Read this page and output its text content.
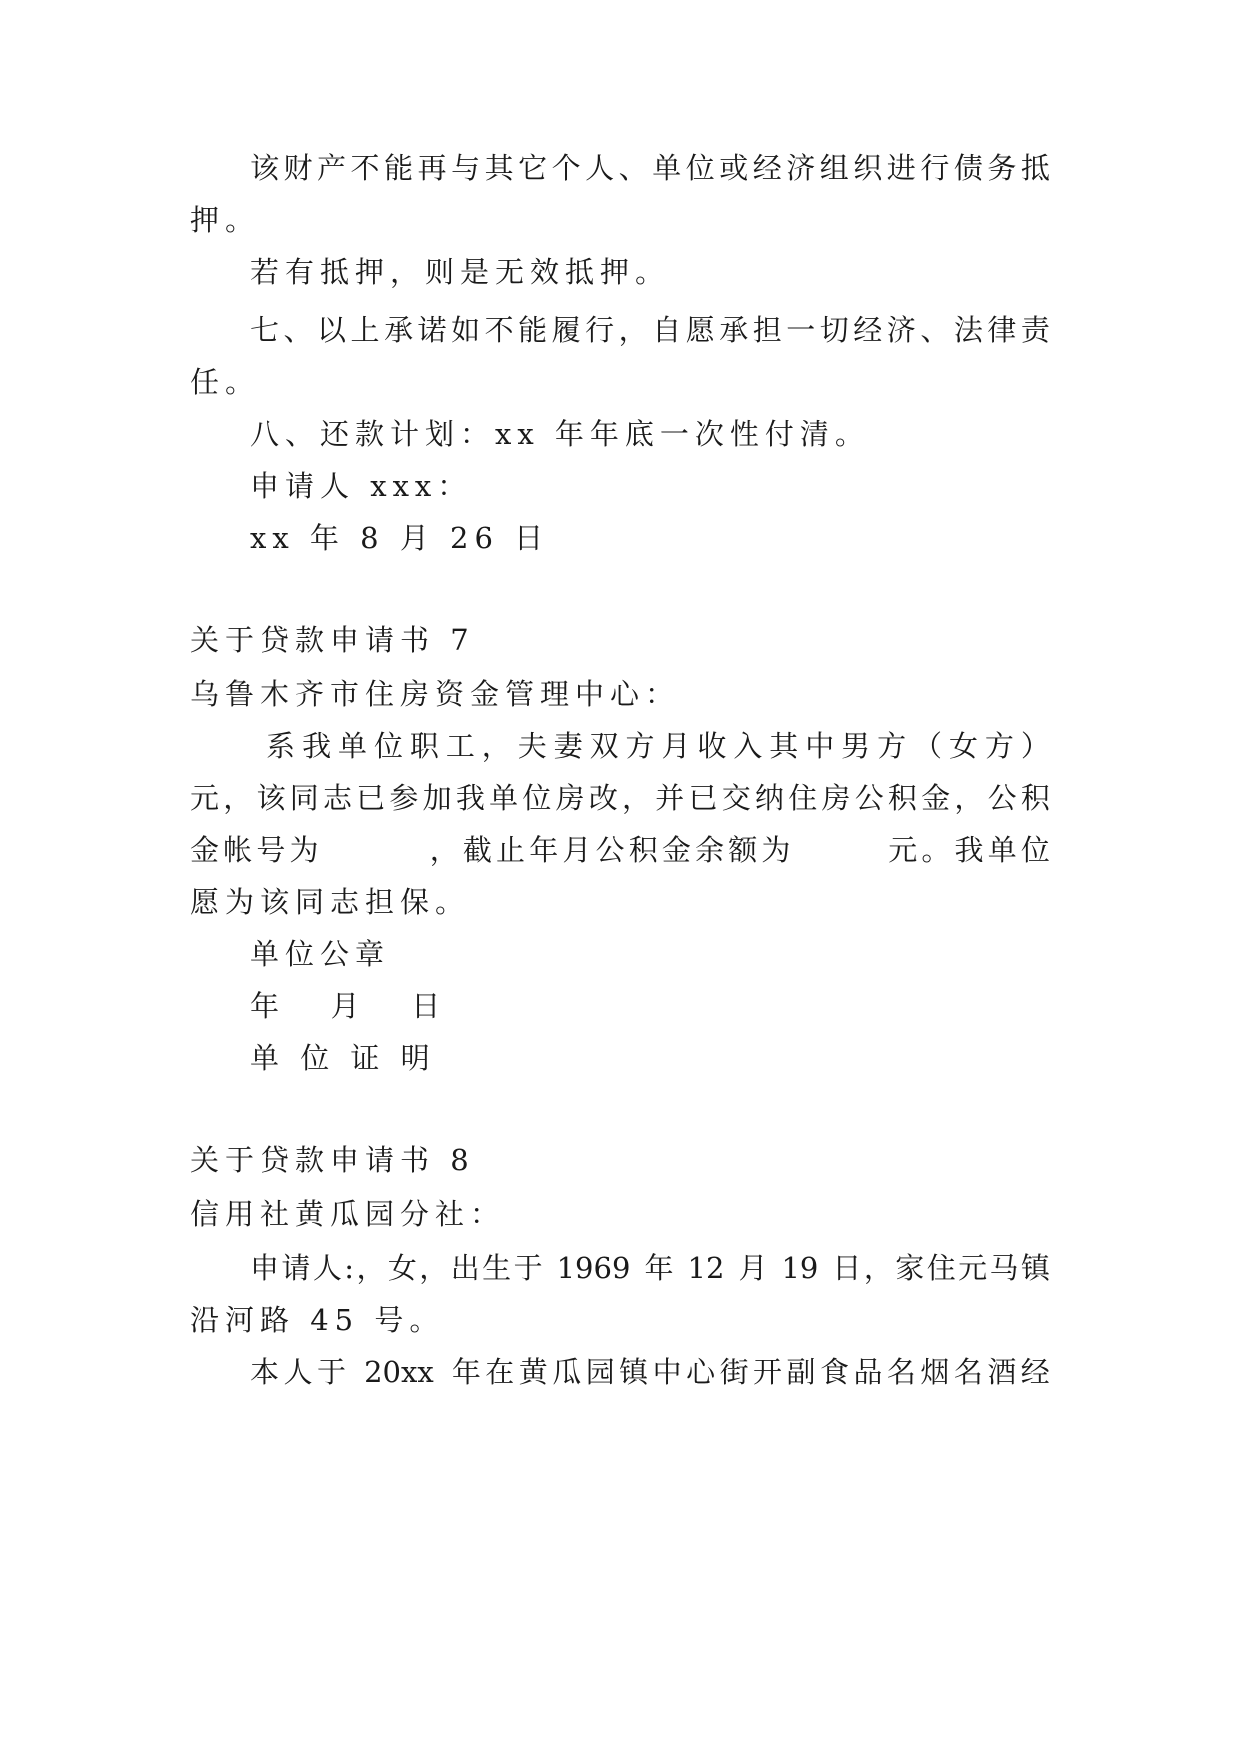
该 财 产 不 能 再 与 其 它 个 人 、 单 位 或 经 济 组 织 进 行 债 务 抵
押。
若有抵押，则是无效抵押。
七 、 以 上 承 诺 如 不 能 履 行 ， 自 愿 承 担 一 切 经 济 、 法 律 责
任。
八、还款计划：xx 年年底一次性付清。
申请人 xxx：
xx 年 8 月 26 日
关于贷款申请书 7
乌鲁木齐市住房资金管理中心：

系 我 单 位 职 工 ， 夫 妻 双 方 月 收 入 其 中 男 方 （ 女 方 ）
元 ， 该 同 志 已 参 加 我 单 位 房 改 ， 并 已 交 纳 住 房 公 积 金 ， 公 积
金 帐 号 为

	， 截 止 年 月 公 积 金 余 额 为

	元 。 我 单 位
愿为该同志担保。
单位公章
年   月   日
单 位 证 明
关于贷款申请书 8
信用社黄瓜园分社：
申 请 人 : ， 女 ， 出 生 于
1969
年
12
月
19
日 ， 家 住 元 马 镇
沿河路 45 号。
本 人 于
20xx
年 在 黄 瓜 园 镇 中 心 街 开 副 食 品 名 烟 名 酒 经
